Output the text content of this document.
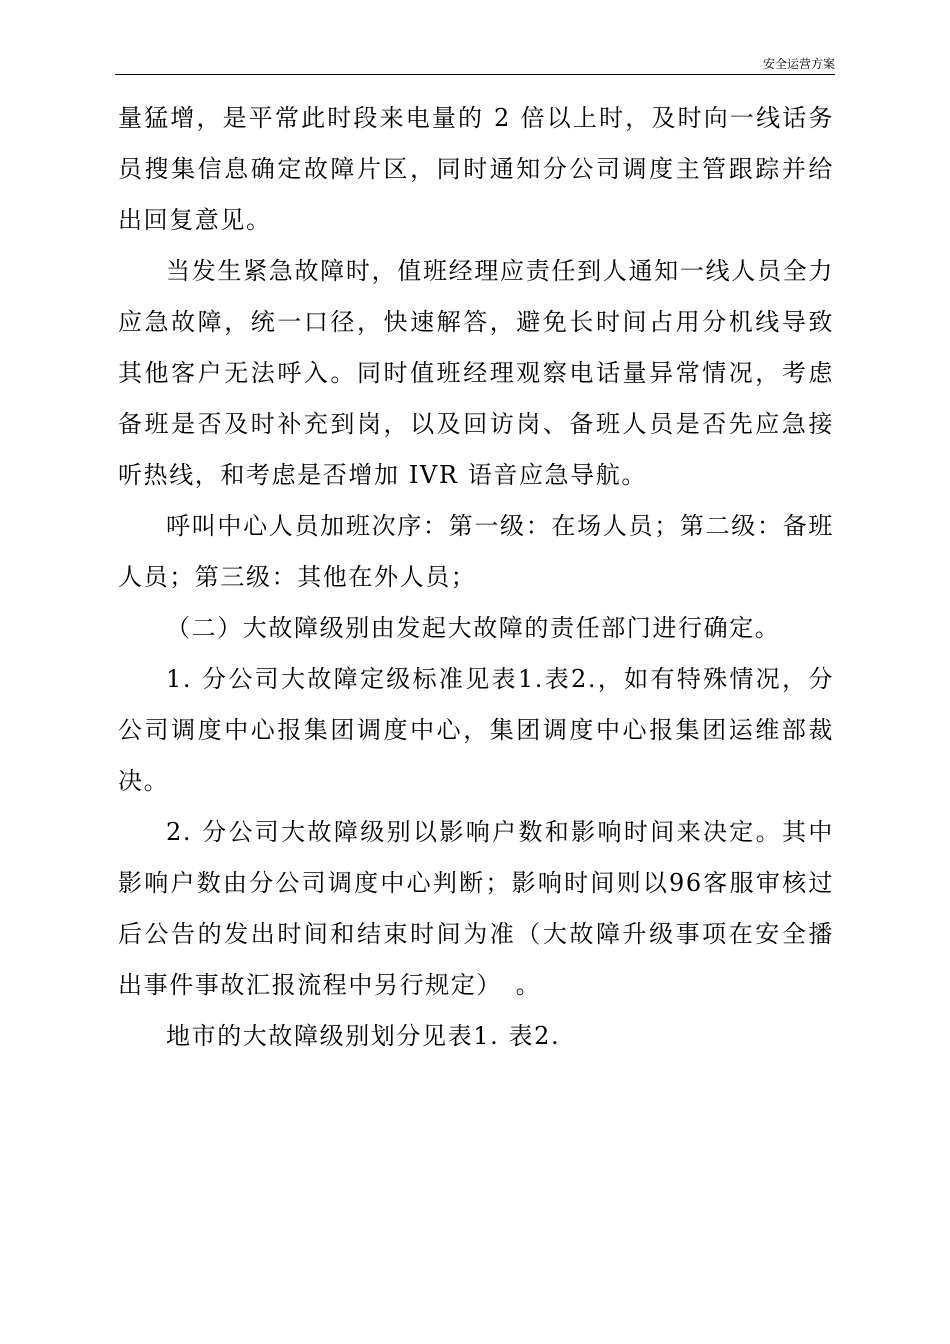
安全运营方案

量猛增，是平常此时段来电量的 2 倍以上时，及时向一线话务员搜集信息确定故障片区，同时通知分公司调度主管跟踪并给出回复意见。

当发生紧急故障时，值班经理应责任到人通知一线人员全力应急故障，统一口径，快速解答，避免长时间占用分机线导致其他客户无法呼入。同时值班经理观察电话量异常情况，考虑备班是否及时补充到岗，以及回访岗、备班人员是否先应急接听热线，和考虑是否增加 IVR 语音应急导航。

呼叫中心人员加班次序：第一级：在场人员；第二级：备班人员；第三级：其他在外人员；

（二）大故障级别由发起大故障的责任部门进行确定。

1. 分公司大故障定级标准见表1.表2.，如有特殊情况，分公司调度中心报集团调度中心，集团调度中心报集团运维部裁决。

2. 分公司大故障级别以影响户数和影响时间来决定。其中影响户数由分公司调度中心判断；影响时间则以96客服审核过后公告的发出时间和结束时间为准（大故障升级事项在安全播出事件事故汇报流程中另行规定）　。

地市的大故障级别划分见表1. 表2.
